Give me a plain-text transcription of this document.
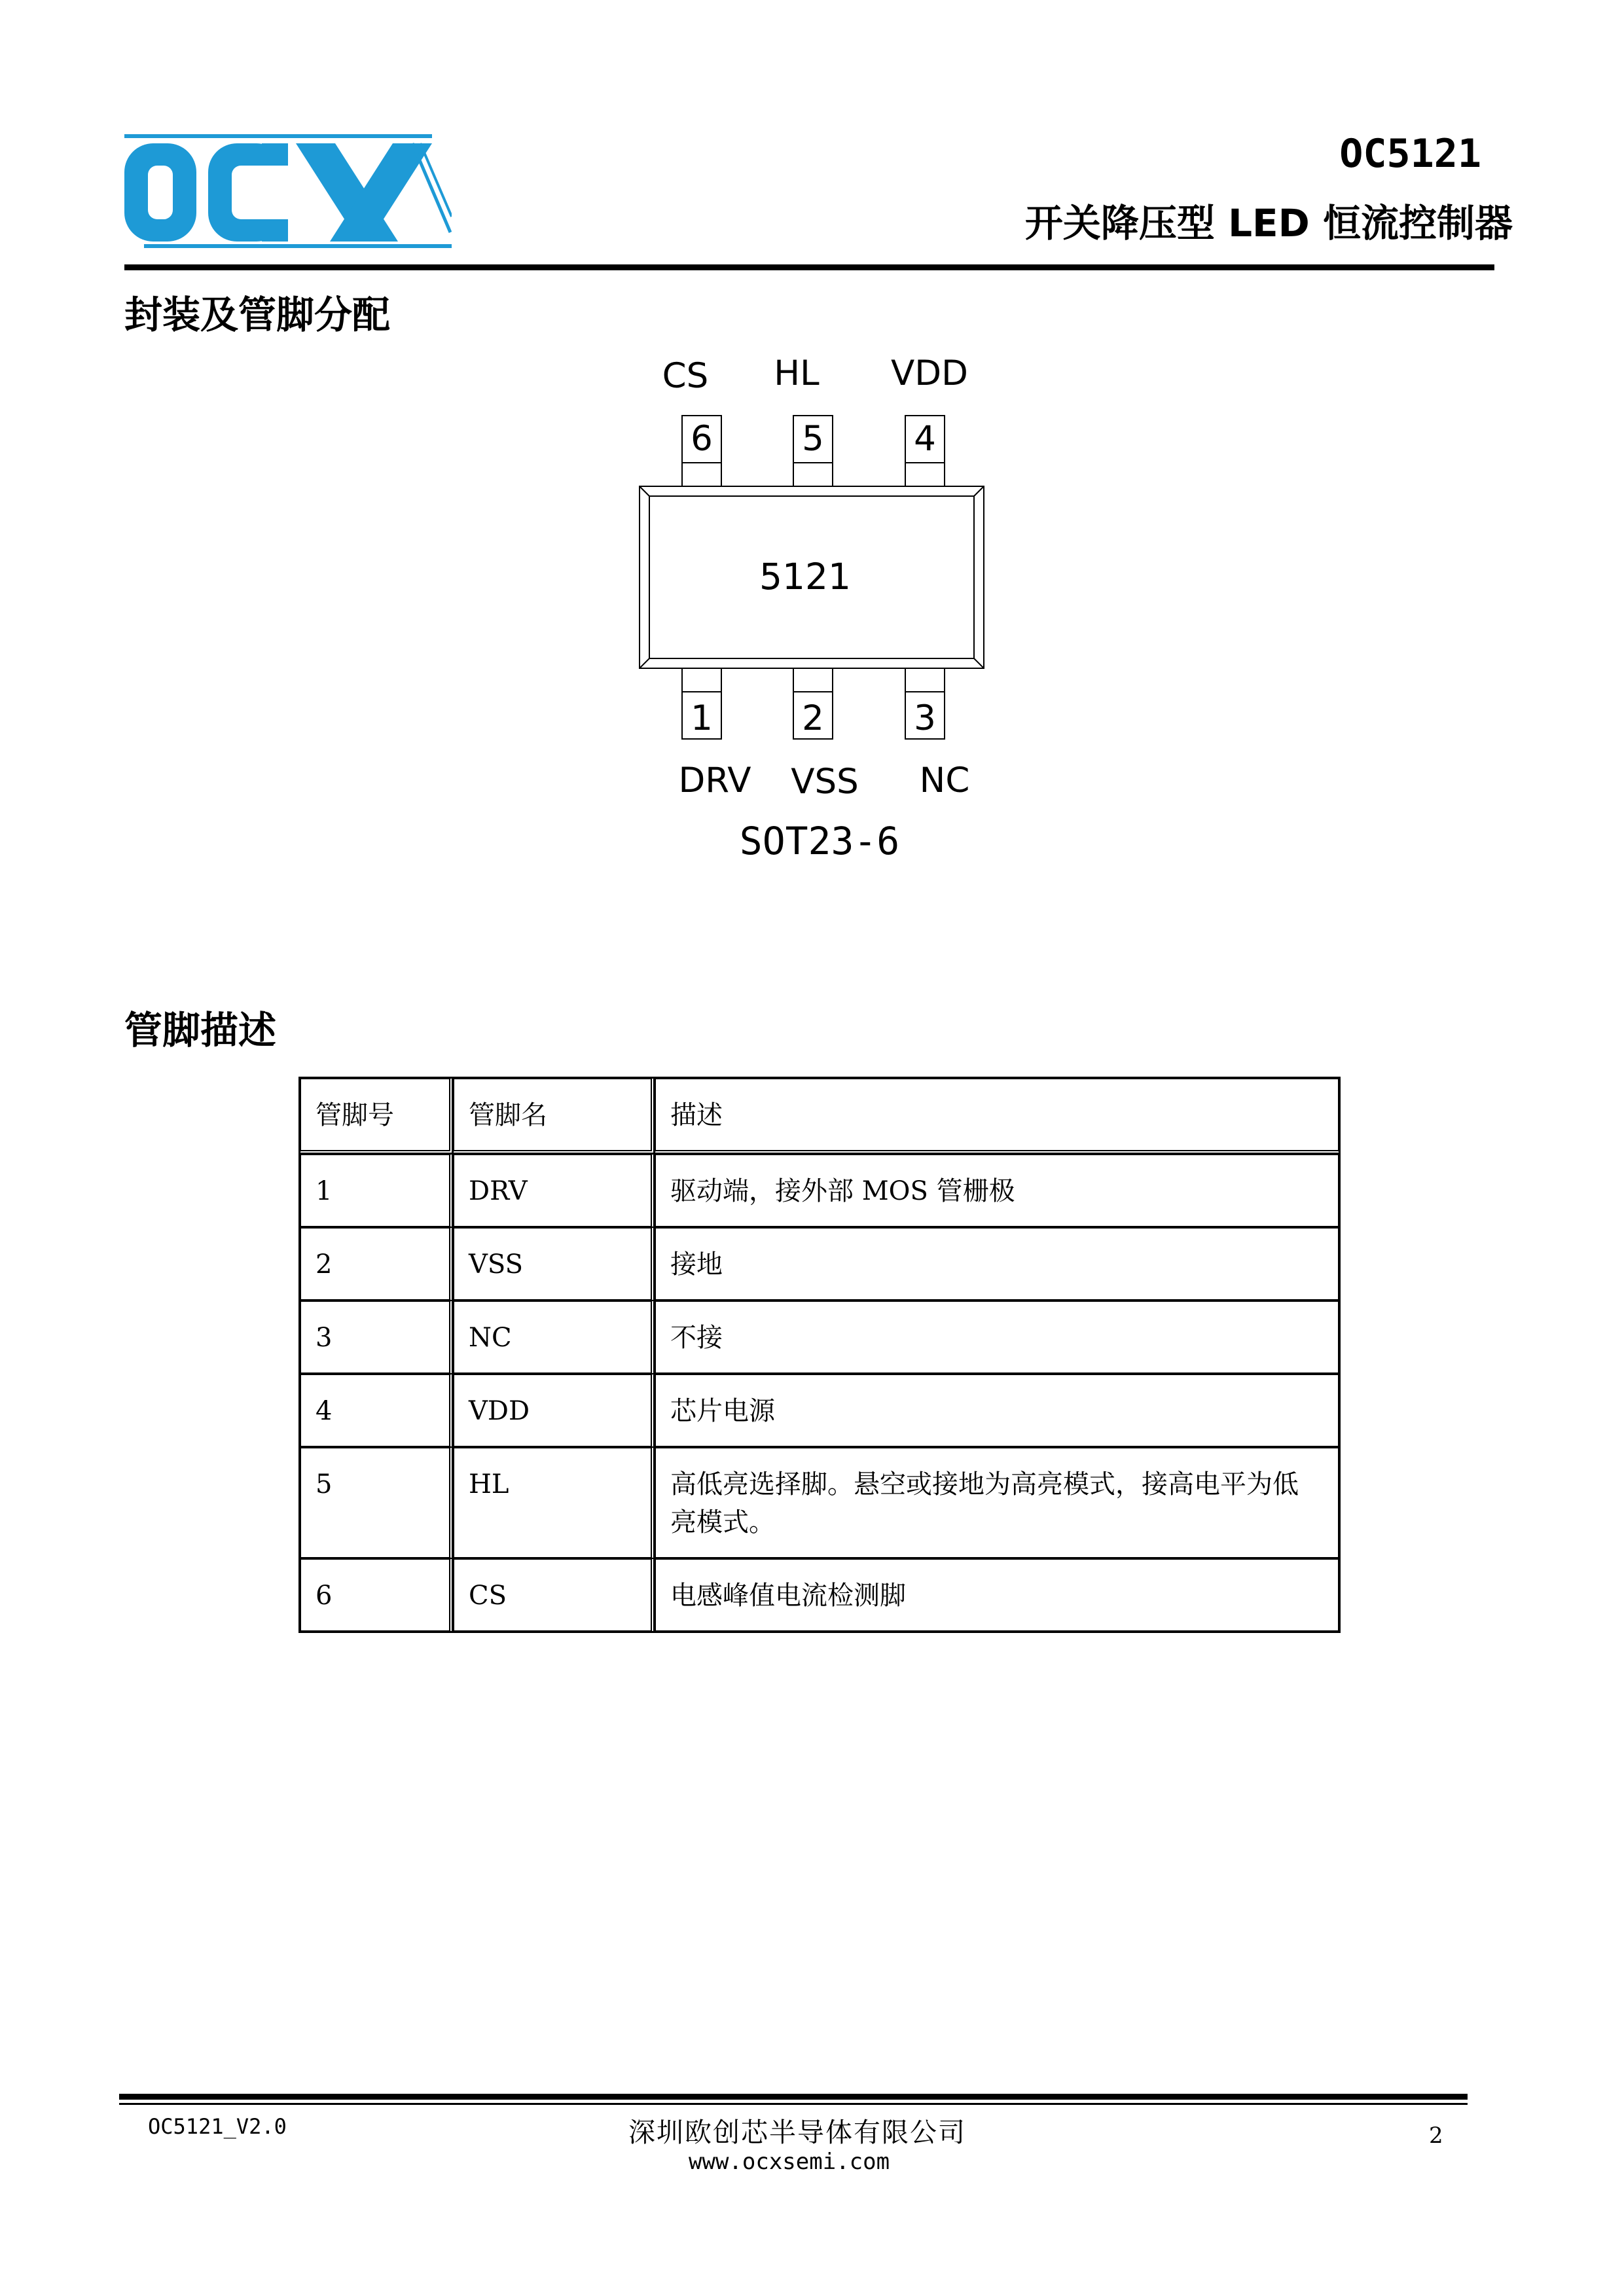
OC5121
开关降压型 LED 恒流控制器
封装及管脚分配
CS HL VDD
6	5	4
5121
1	2	3
DRV VSS NC
SOT23-6
管脚描述
管脚号	管脚名	描述
1	DRV	驱动端，接外部 MOS 管栅极
2	VSS	接地
3	NC	不接
4	VDD	芯片电源
5	HL	高低亮选择脚。悬空或接地为高亮模式，接高电平为低亮模式。
6	CS	电感峰值电流检测脚
OC5121_V2.0	深圳欧创芯半导体有限公司
www.ocxsemi.com
2
